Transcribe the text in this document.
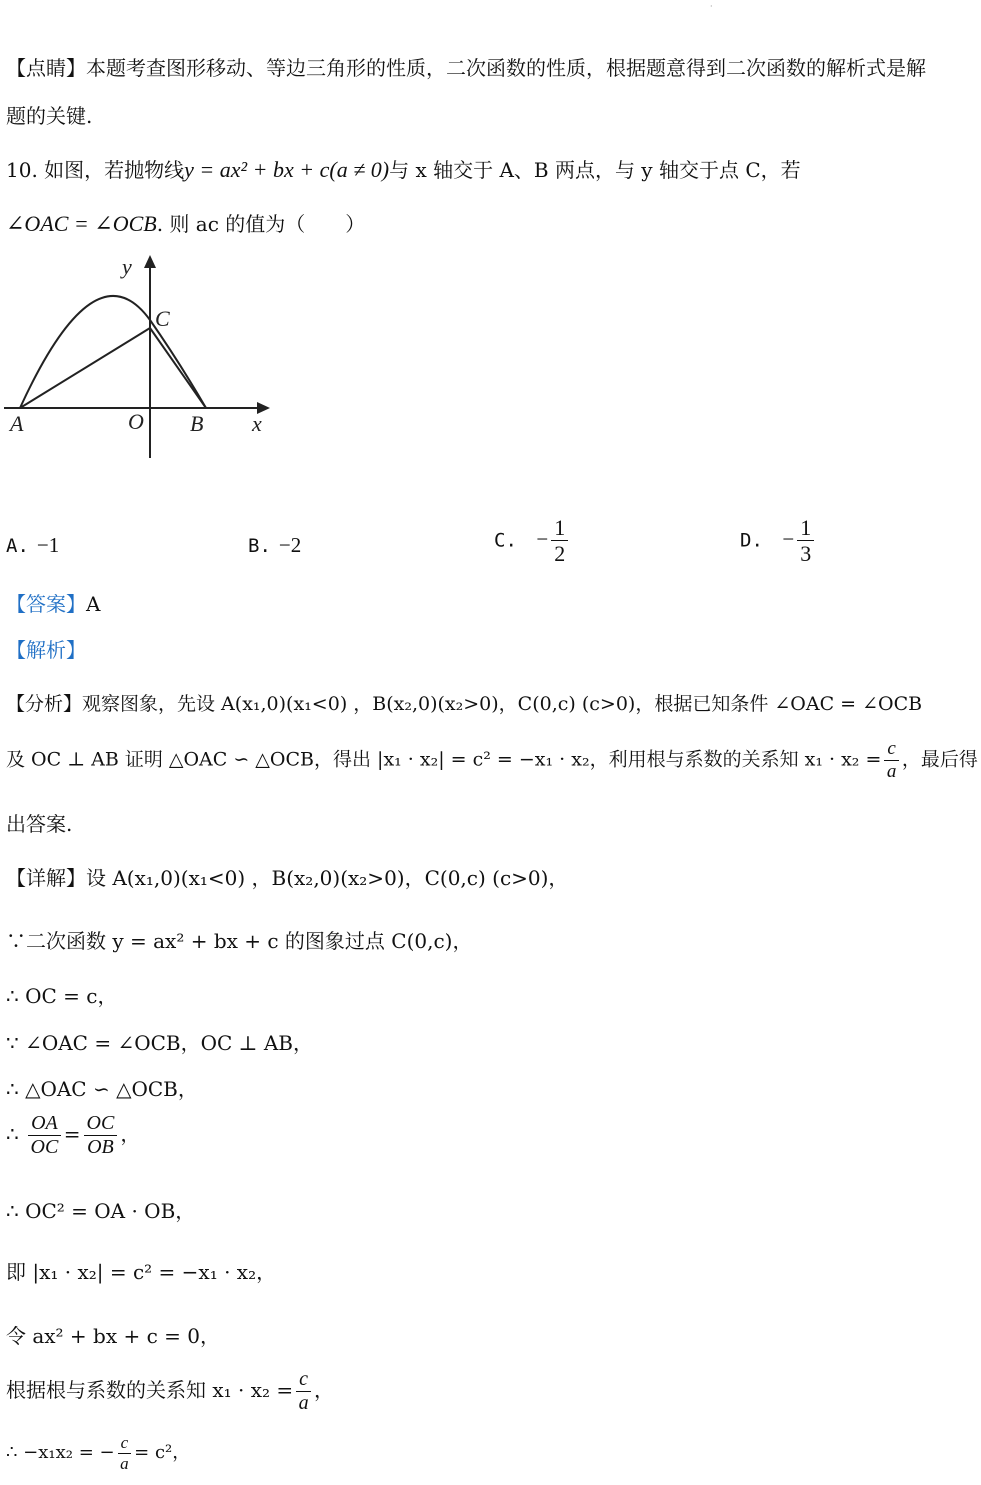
·
【点睛】本题考查图形移动、等边三角形的性质，二次函数的性质，根据题意得到二次函数的解析式是解
题的关键.
10. 如图，若抛物线y = ax² + bx + c(a ≠ 0)与 x 轴交于 A、B 两点，与 y 轴交于点 C，若
∠OAC = ∠OCB. 则 ac 的值为（　　）
y
x
A	O B
C
A. −1	B. −2	C. − $\frac{1}{2}$	D. − $\frac{1}{3}$
【答案】A
【解析】
【分析】观察图象，先设 A(x₁,0)(x₁<0) ，B(x₂,0)(x₂>0)，C(0,c) (c>0)，根据已知条件 ∠OAC = ∠OCB
及 OC ⊥ AB 证明 △OAC ∽ △OCB，得出 |x₁ · x₂| = c² = −x₁ · x₂，利用根与系数的关系知 $x_1 \cdot x_2 = \frac{c}{a}$ ，最后得
出答案.
【详解】设 A(x₁,0)(x₁<0) ，B(x₂,0)(x₂>0)，C(0,c) (c>0)，
∵二次函数 y = ax² + bx + c 的图象过点 C(0,c)，
∴ OC = c，
∵ ∠OAC = ∠OCB，OC ⊥ AB，
∴ △OAC ∽ △OCB，
∴ $\frac{OA}{OC} = \frac{OC}{OB}$ ，
∴ OC² = OA · OB，
即 |x₁ · x₂| = c² = −x₁ · x₂，
令 ax² + bx + c = 0，
根据根与系数的关系知 $x_1 \cdot x_2 = \frac{c}{a}$ ，
∴ −x₁x₂ = − $\frac{c}{a} = c^2$，
